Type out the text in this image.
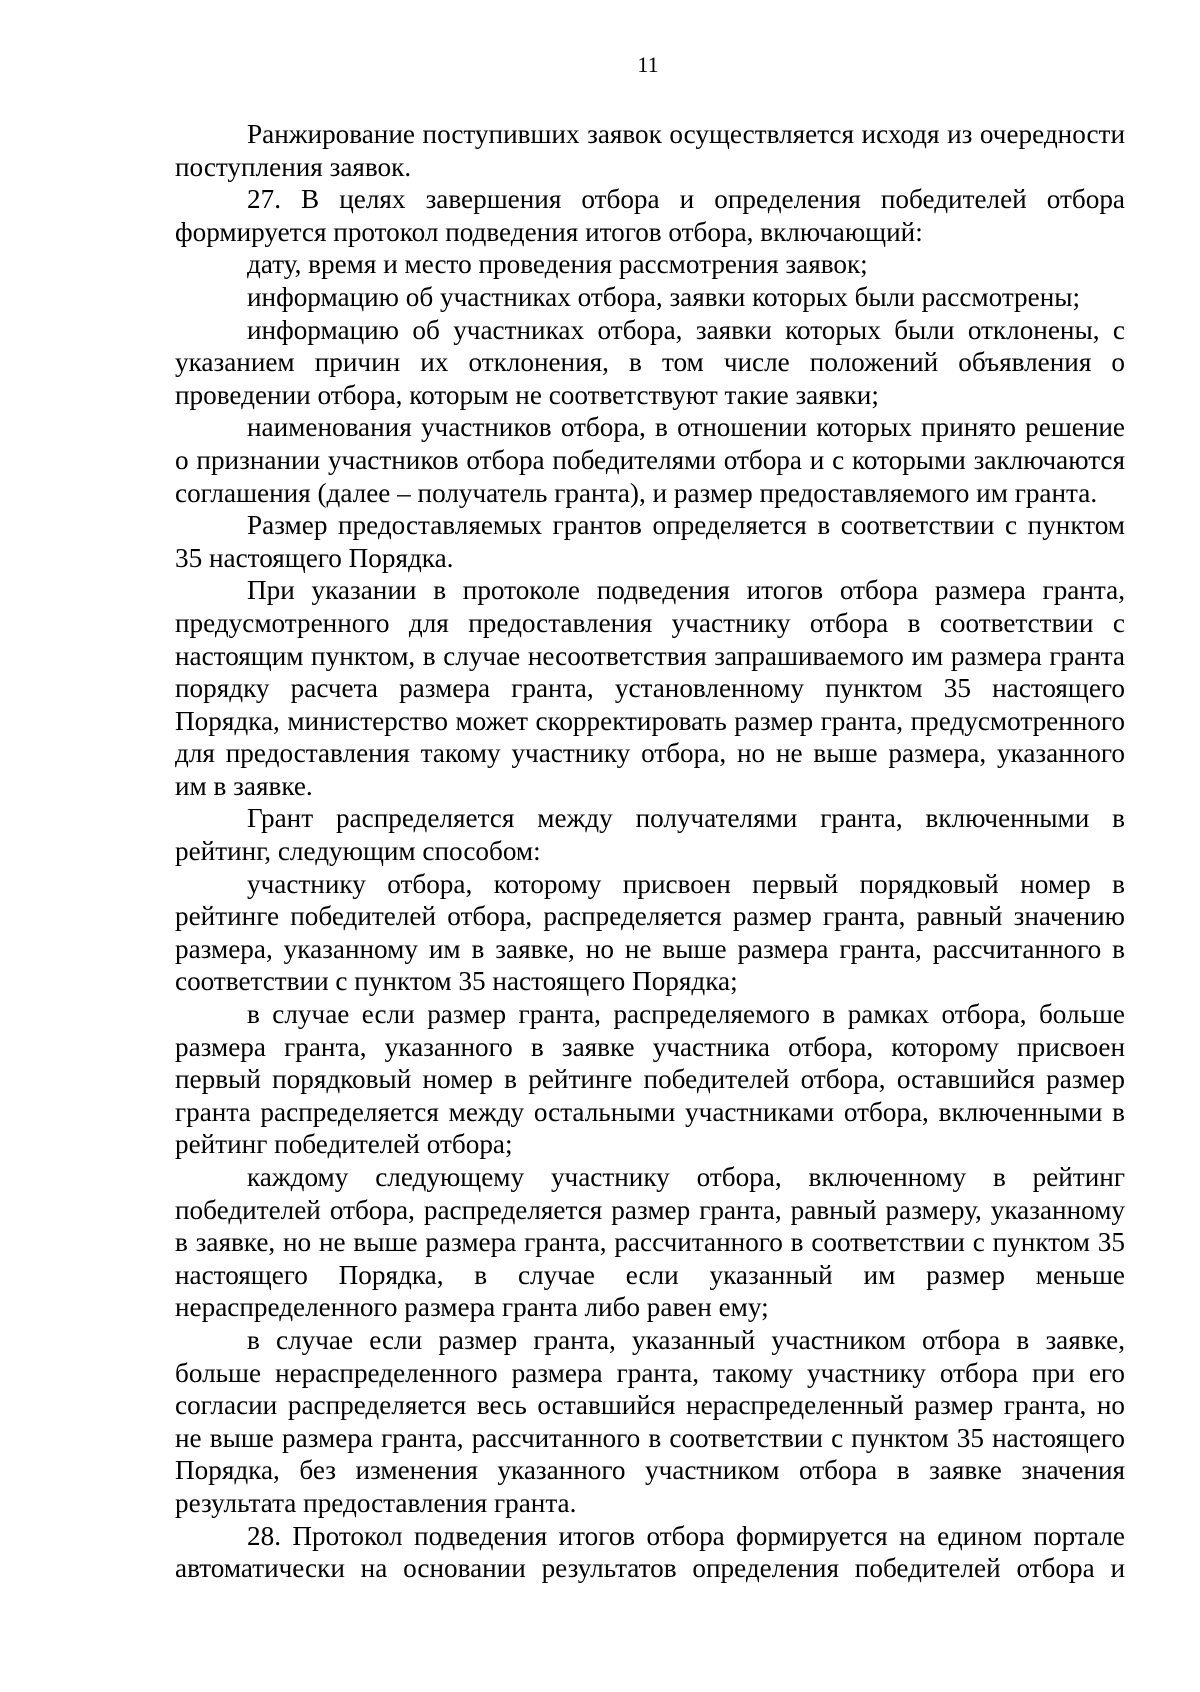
11

Ранжирование поступивших заявок осуществляется исходя из очередности поступления заявок.

27. В целях завершения отбора и определения победителей отбора формируется протокол подведения итогов отбора, включающий:

дату, время и место проведения рассмотрения заявок;

информацию об участниках отбора, заявки которых были рассмотрены;

информацию об участниках отбора, заявки которых были отклонены, с указанием причин их отклонения, в том числе положений объявления о проведении отбора, которым не соответствуют такие заявки;

наименования участников отбора, в отношении которых принято решение о признании участников отбора победителями отбора и с которыми заключаются соглашения (далее – получатель гранта), и размер предоставляемого им гранта.

Размер предоставляемых грантов определяется в соответствии с пунктом 35 настоящего Порядка.

При указании в протоколе подведения итогов отбора размера гранта, предусмотренного для предоставления участнику отбора в соответствии с настоящим пунктом, в случае несоответствия запрашиваемого им размера гранта порядку расчета размера гранта, установленному пунктом 35 настоящего Порядка, министерство может скорректировать размер гранта, предусмотренного для предоставления такому участнику отбора, но не выше размера, указанного им в заявке.

Грант распределяется между получателями гранта, включенными в рейтинг, следующим способом:

участнику отбора, которому присвоен первый порядковый номер в рейтинге победителей отбора, распределяется размер гранта, равный значению размера, указанному им в заявке, но не выше размера гранта, рассчитанного в соответствии с пунктом 35 настоящего Порядка;

в случае если размер гранта, распределяемого в рамках отбора, больше размера гранта, указанного в заявке участника отбора, которому присвоен первый порядковый номер в рейтинге победителей отбора, оставшийся размер гранта распределяется между остальными участниками отбора, включенными в рейтинг победителей отбора;

каждому следующему участнику отбора, включенному в рейтинг победителей отбора, распределяется размер гранта, равный размеру, указанному в заявке, но не выше размера гранта, рассчитанного в соответствии с пунктом 35 настоящего Порядка, в случае если указанный им размер меньше нераспределенного размера гранта либо равен ему;

в случае если размер гранта, указанный участником отбора в заявке, больше нераспределенного размера гранта, такому участнику отбора при его согласии распределяется весь оставшийся нераспределенный размер гранта, но не выше размера гранта, рассчитанного в соответствии с пунктом 35 настоящего Порядка, без изменения указанного участником отбора в заявке значения результата предоставления гранта.

28. Протокол подведения итогов отбора формируется на едином портале автоматически на основании результатов определения победителей отбора и
